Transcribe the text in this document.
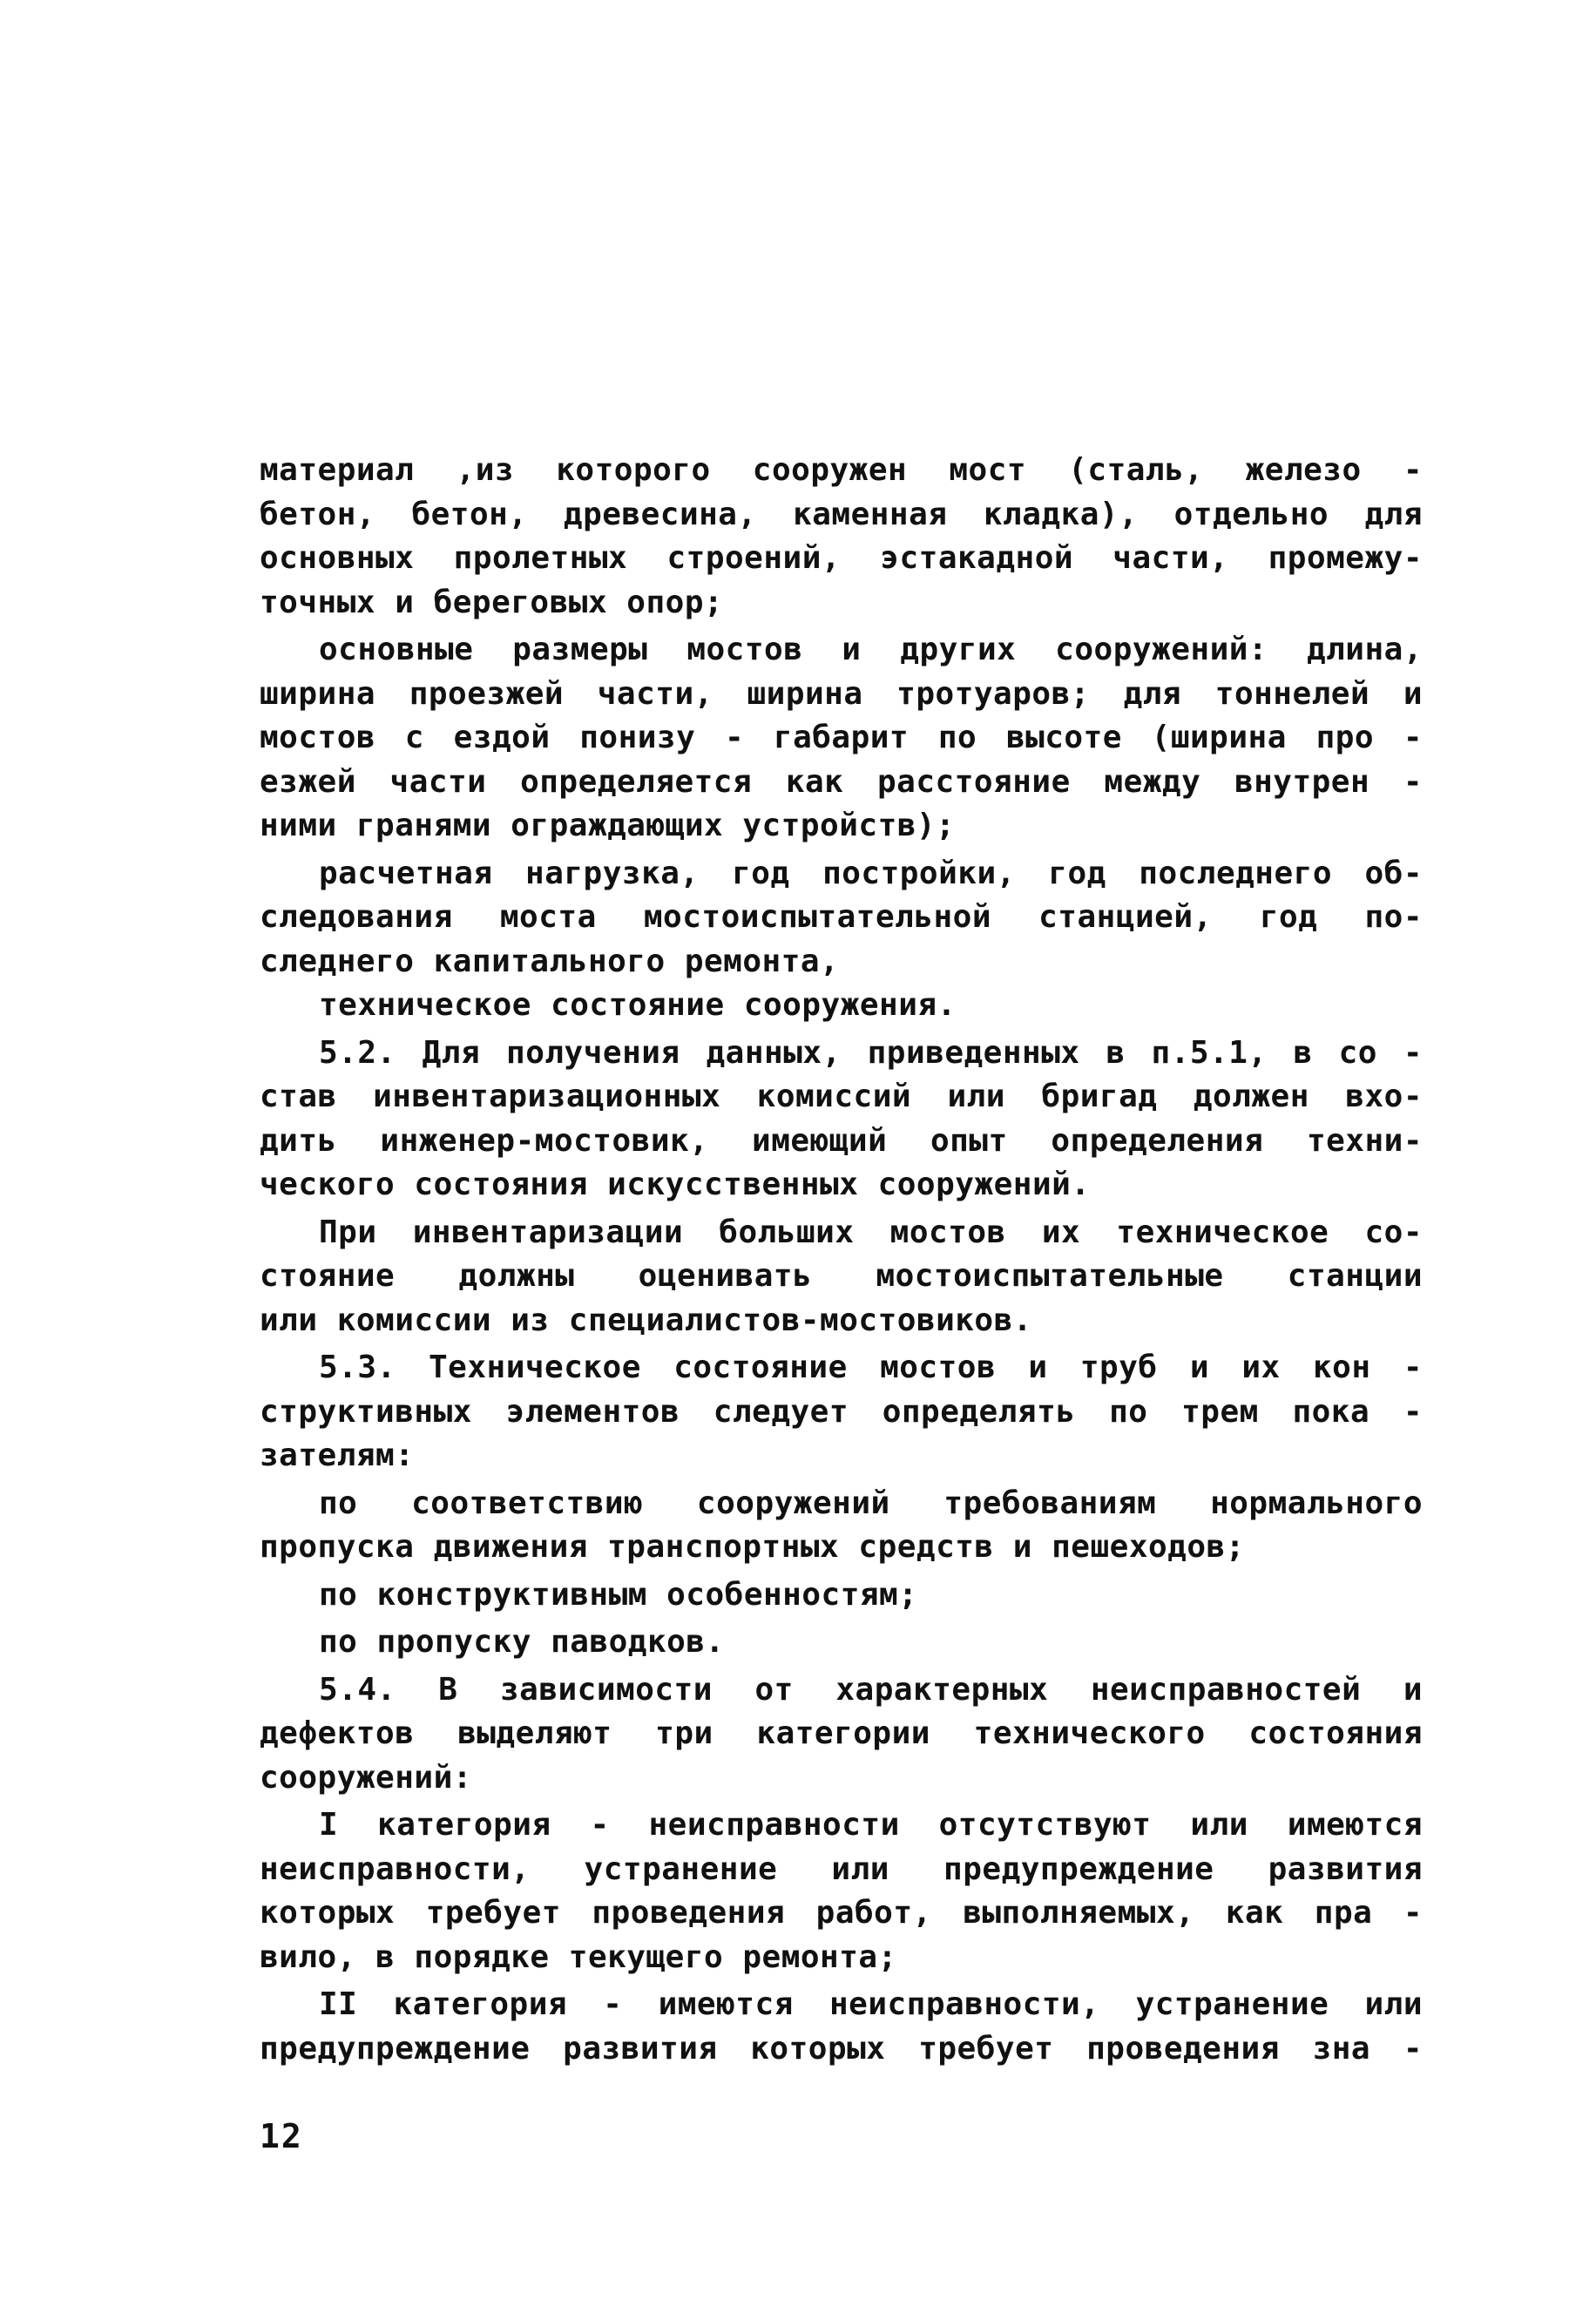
материал ,из которого сооружен мост (сталь, железо -
бетон, бетон, древесина, каменная кладка), отдельно для
основных пролетных строений, эстакадной части, промежу-
точных и береговых опор;
основные размеры мостов и других сооружений: длина,
ширина проезжей части, ширина тротуаров; для тоннелей и
мостов с ездой понизу - габарит по высоте (ширина про -
езжей части определяется как расстояние между внутрен -
ними гранями ограждающих устройств);
расчетная нагрузка, год постройки, год последнего об-
следования моста мостоиспытательной станцией, год по-
следнего капитального ремонта,
техническое состояние сооружения.
5.2. Для получения данных, приведенных в п.5.1, в со -
став инвентаризационных комиссий или бригад должен вхо-
дить инженер-мостовик, имеющий опыт определения техни-
ческого состояния искусственных сооружений.
При инвентаризации больших мостов их техническое со-
стояние должны оценивать мостоиспытательные станции
или комиссии из специалистов-мостовиков.
5.3. Техническое состояние мостов и труб и их кон -
структивных элементов следует определять по трем пока -
зателям:
по соответствию сооружений требованиям нормального
пропуска движения транспортных средств и пешеходов;
по конструктивным особенностям;
по пропуску паводков.
5.4. В зависимости от характерных неисправностей и
дефектов выделяют три категории технического состояния
сооружений:
I категория - неисправности отсутствуют или имеются
неисправности, устранение или предупреждение развития
которых требует проведения работ, выполняемых, как пра -
вило, в порядке текущего ремонта;
II категория - имеются неисправности, устранение или
предупреждение развития которых требует проведения зна -
12
